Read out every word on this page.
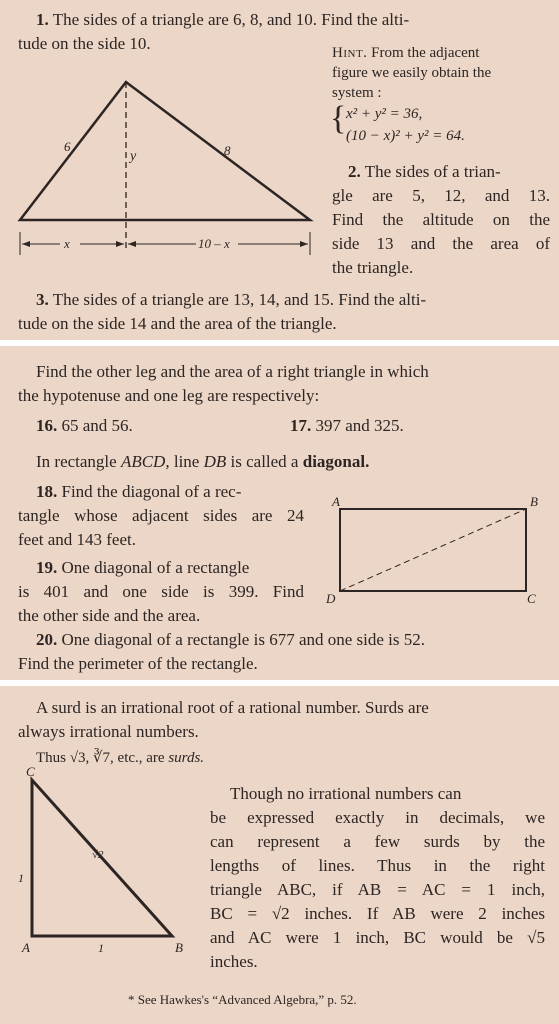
1. The sides of a triangle are 6, 8, and 10. Find the alti-

tude on the side 10.	Hint. From the adjacent

figure we easily obtain the

system :

{ x² + y² = 36,

(10 − x)² + y² = 64.

2. The sides of a trian-

gle are 5, 12, and 13.

Find the altitude on the

side 13 and the area of

the triangle.

3. The sides of a triangle are 13, 14, and 15. Find the alti-

tude on the side 14 and the area of the triangle.

6	8
y
x	10 – x

Find the other leg and the area of a right triangle in which

the hypotenuse and one leg are respectively:

16. 65 and 56.	17. 397 and 325.

In rectangle ABCD, line DB is called a diagonal.

18. Find the diagonal of a rec-

tangle whose adjacent sides are 24

feet and 143 feet.

19. One diagonal of a rectangle

is 401 and one side is 399. Find

the other side and the area.

20. One diagonal of a rectangle is 677 and one side is 52.

Find the perimeter of the rectangle.

A	B
C
D

A surd is an irrational root of a rational number. Surds are

always irrational numbers.

Thus √3, ∛7, etc., are surds.

Though no irrational numbers can

be expressed exactly in decimals, we

can represent a few surds by the

lengths of lines. Thus in the right

triangle ABC, if AB = AC = 1 inch,

BC = √2 inches. If AB were 2 inches

and AC were 1 inch, BC would be √5

inches.

* See Hawkes's “Advanced Algebra,” p. 52.

C
A	B
1
1
√2
